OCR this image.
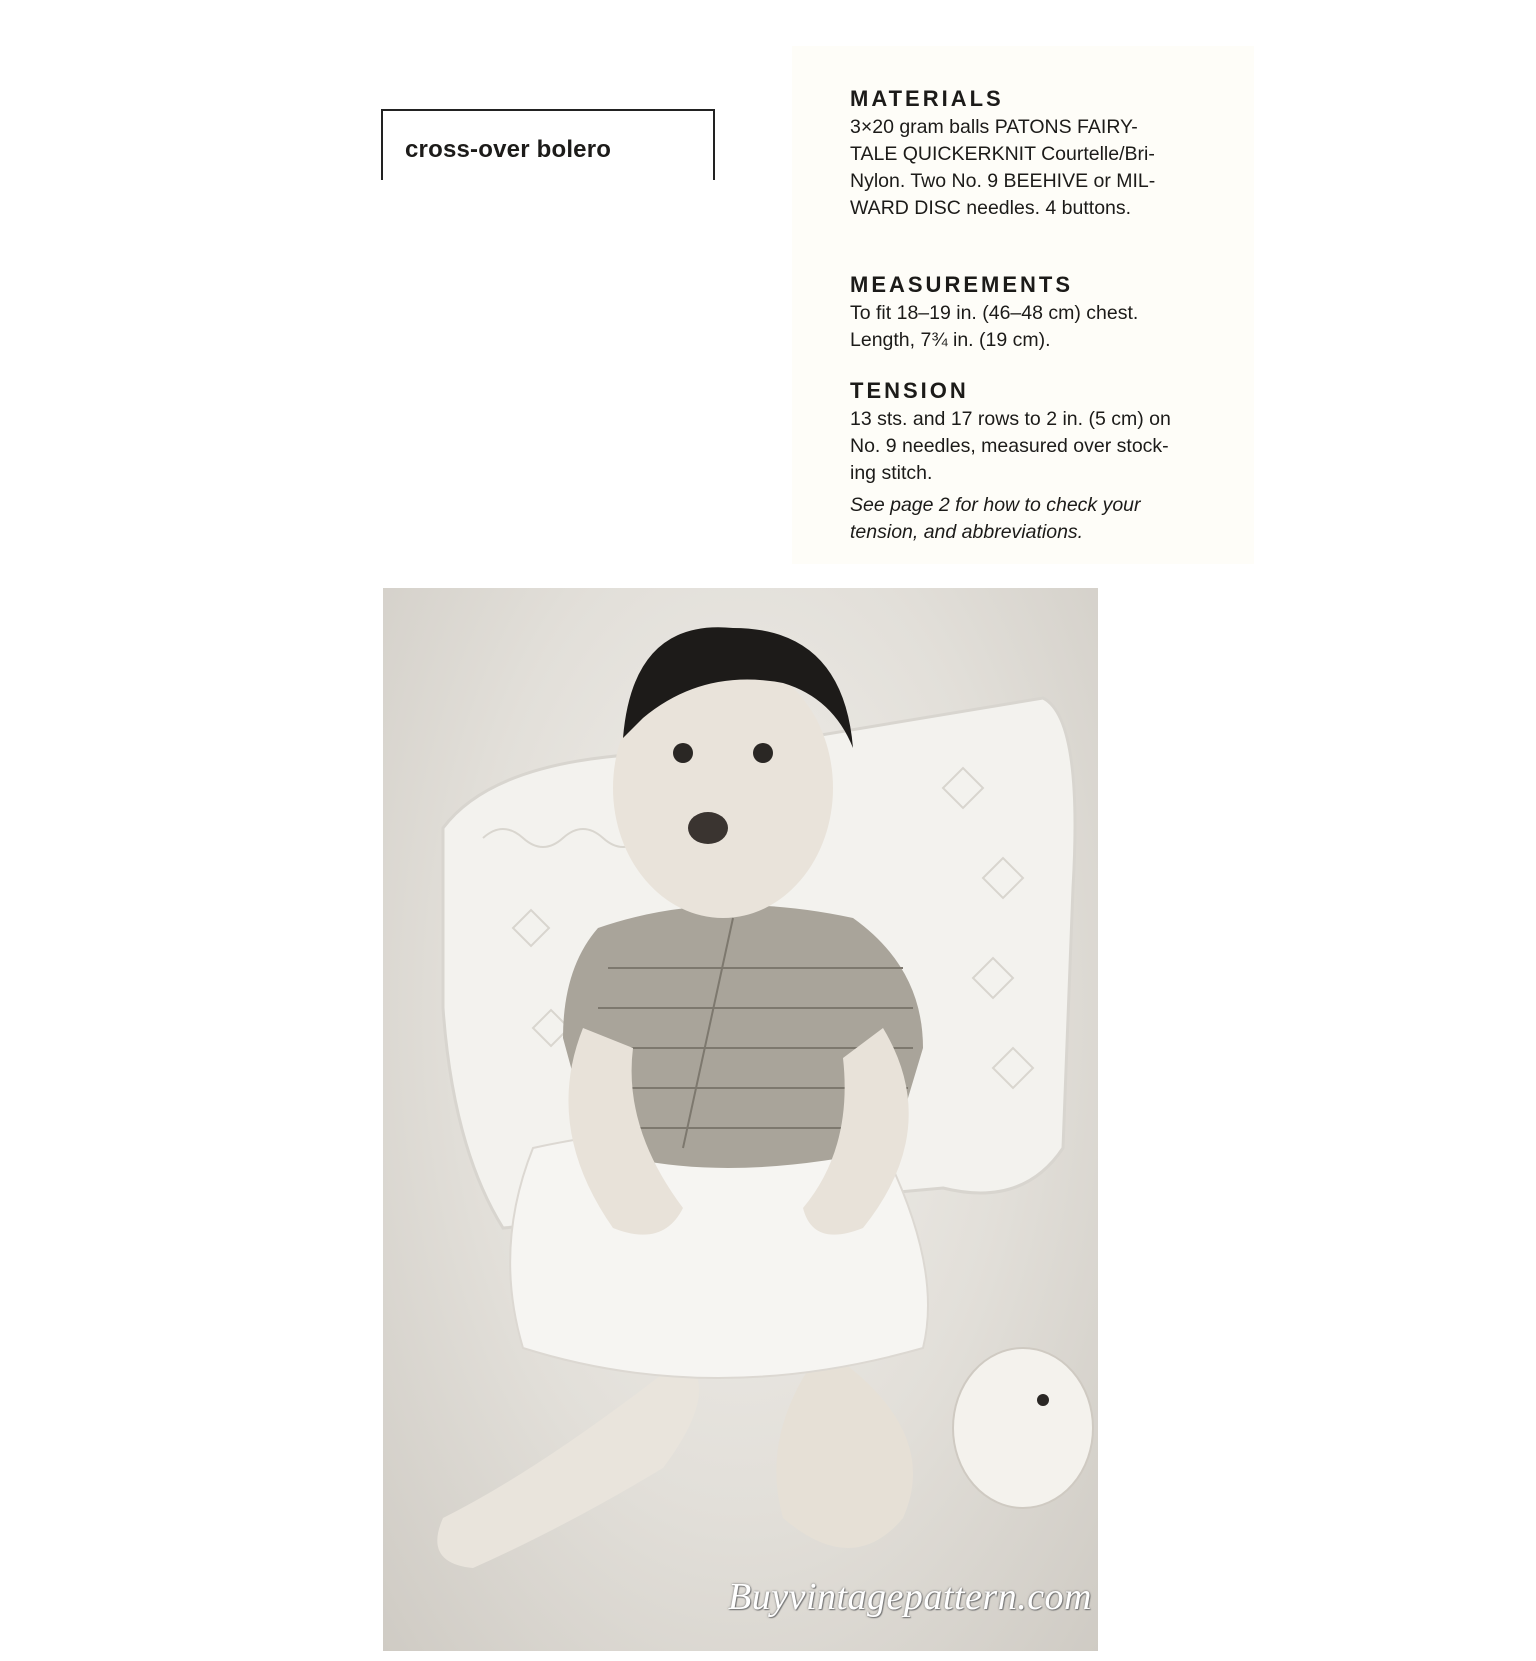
cross-over bolero
MATERIALS

3×20 gram balls PATONS FAIRY-
TALE QUICKERKNIT Courtelle/Bri-
Nylon. Two No. 9 BEEHIVE or MIL-
WARD DISC needles. 4 buttons.

MEASUREMENTS

To fit 18–19 in. (46–48 cm) chest.
Length, 7¾ in. (19 cm).

TENSION

13 sts. and 17 rows to 2 in. (5 cm) on
No. 9 needles, measured over stock-
ing stitch.

See page 2 for how to check your
tension, and abbreviations.

Buyvintagepattern.com
